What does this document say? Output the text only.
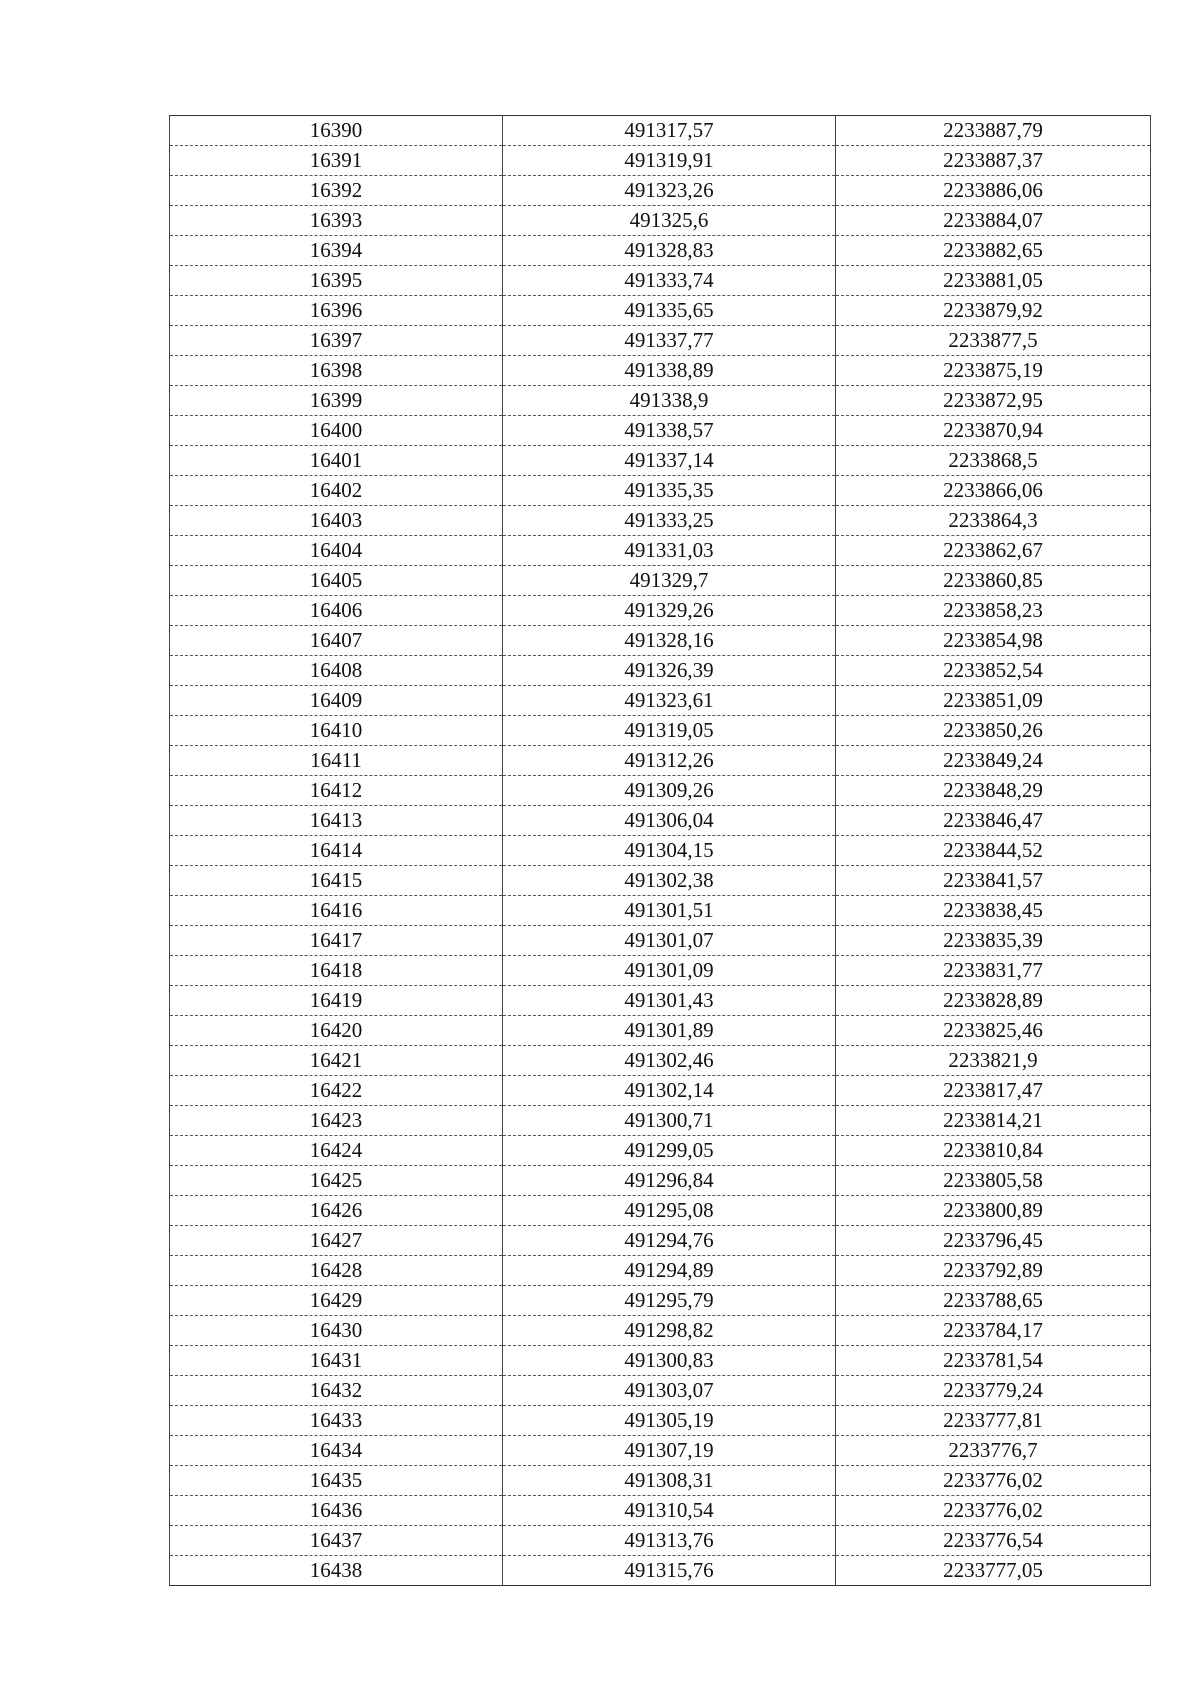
16390	491317,57	2233887,79
16391	491319,91	2233887,37
16392	491323,26	2233886,06
16393	491325,6	2233884,07
16394	491328,83	2233882,65
16395	491333,74	2233881,05
16396	491335,65	2233879,92
16397	491337,77	2233877,5
16398	491338,89	2233875,19
16399	491338,9	2233872,95
16400	491338,57	2233870,94
16401	491337,14	2233868,5
16402	491335,35	2233866,06
16403	491333,25	2233864,3
16404	491331,03	2233862,67
16405	491329,7	2233860,85
16406	491329,26	2233858,23
16407	491328,16	2233854,98
16408	491326,39	2233852,54
16409	491323,61	2233851,09
16410	491319,05	2233850,26
16411	491312,26	2233849,24
16412	491309,26	2233848,29
16413	491306,04	2233846,47
16414	491304,15	2233844,52
16415	491302,38	2233841,57
16416	491301,51	2233838,45
16417	491301,07	2233835,39
16418	491301,09	2233831,77
16419	491301,43	2233828,89
16420	491301,89	2233825,46
16421	491302,46	2233821,9
16422	491302,14	2233817,47
16423	491300,71	2233814,21
16424	491299,05	2233810,84
16425	491296,84	2233805,58
16426	491295,08	2233800,89
16427	491294,76	2233796,45
16428	491294,89	2233792,89
16429	491295,79	2233788,65
16430	491298,82	2233784,17
16431	491300,83	2233781,54
16432	491303,07	2233779,24
16433	491305,19	2233777,81
16434	491307,19	2233776,7
16435	491308,31	2233776,02
16436	491310,54	2233776,02
16437	491313,76	2233776,54
16438	491315,76	2233777,05
